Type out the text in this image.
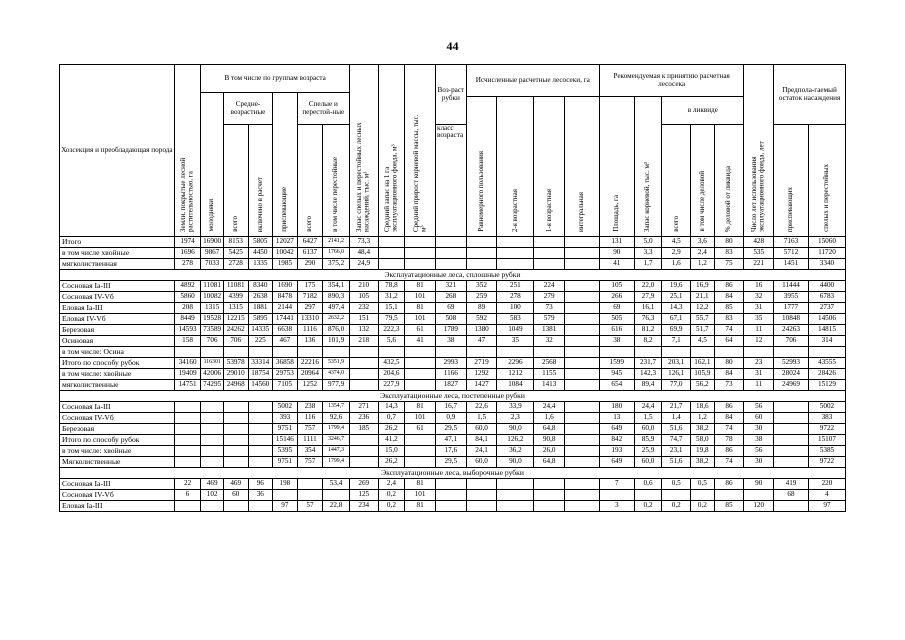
44
Хозсекция и преобладающая порода	Земли, покрытые лесной растительностью, га	В том числе по группам возраста						Запас спелых и перестойных лесных насаждений, тыс. м³	Средний запас на 1 га эксплуатационного фонда, м³	Средний прирост корневой массы, тыс. м³	Воз-раст рубки	Исчисленные расчетные лесосеки, га				Рекомендуемая к принятию расчетная лесосека					Число лет использования эксплуатационного фонда, лет	Предпола-гаемый остаток насаждения	
		молодняки	Средне-возрастные		приспевающие	Спелые и перестой-ные																	
												Равномерного пользования	2-я возрастная	1-я возрастная	интегральная	Площадь, га	Запас корневой, тыс. м³	в ликвиде					
			всего	включено в расчет		всего	в том числе перестойные				класс возраста							всего	в том числе деловой	% деловой от ликвида		приспевающих	спелых и перестойных
Итого	1974	16900	8153	5805	12027	6427	2141,2	73,3								131	5,0	4,5	3,6	80	428	7163	15060
в том числе хвойные	1696	9867	5425	4450	10042	6137	1766,0	48,4								90	3,3	2,9	2,4	83	535	5712	11720
мягколиственная	278	7033	2728	1335	1985	290	375,2	24,9								41	1,7	1,6	1,2	75	221	1451	3340
Эксплуатационные леса, сплошные рубки																							
Сосновая Ia-III	4892	11081	11081	8340	1690	175	354,1	210	78,8	81	321	352	251	224		105	22,0	19,6	16,9	86	16	11444	4400
Сосновая IV-Vб	5860	10082	4399	2638	8478	7182	890,3	105	31,2	101	268	259	278	279		266	27,9	25,1	21,1	84	32	3955	6783
Еловая Ia-III	208	1315	1315	1881	2144	297	497,4	232	15,1	81	69	89	100	73		69	16,1	14,3	12,2	85	31	1777	2737
Еловая IV-Vб	8449	19528	12215	5895	17441	13310	2632,2	151	79,5	101	508	592	583	579		505	76,3	67,1	55,7	83	35	10848	14506
Березовая	14593	73589	24262	14335	6638	1116	876,0	132	222,3	61	1789	1380	1049	1381		616	81,2	69,9	51,7	74	11	24263	14815
Осиновая	158	706	706	225	467	136	101,9	218	5,6	41	38	47	35	32		38	8,2	7,1	4,5	64	12	706	314
в том числе: Осина																							
Итого по способу рубок	34160	116301	53978	33314	36858	22216	5351,9		432,5		2993	2719	2296	2568		1599	231,7	203,1	162,1	80	23	52993	43555
в том числе: хвойные	19409	42006	29010	18754	29753	20964	4374,0		204,6		1166	1292	1212	1155		945	142,3	126,1	105,9	84	31	28024	28426
мягколиственные	14751	74295	24968	14560	7105	1252	977,9		227,9		1827	1427	1084	1413		654	89,4	77,0	56,2	73	11	24969	15129
Эксплуатационные леса, постепенные рубки																							
Сосновая Ia-III					5002	238	1354,7	271	14,3	81	16,7	22,6	33,9	24,4		180	24,4	21,7	18,6	86	56		5002
Сосновая IV-Vб					393	116	92,6	236	0,7	101	0,9	1,5	2,3	1,6		13	1,5	1,4	1,2	84	60		383
Березовая					9751	757	1799,4	185	26,2	61	29,5	60,0	90,0	64,8		649	60,0	51,6	38,2	74	30		9722
Итого по способу рубок					15146	1111	3246,7		41,2		47,1	84,1	126,2	90,8		842	85,9	74,7	58,0	78	38		15107
в том числе: хвойные					5395	354	1447,3		15,0		17,6	24,1	36,2	26,0		193	25,9	23,1	19,8	86	56		5385
Мягколиственные					9751	757	1799,4		26,2		29,5	60,0	90,0	64,8		649	60,0	51,6	38,2	74	30		9722
Эксплуатационные леса, выборочные рубки																							
Сосновая Ia-III	22	469	469	96	198		53,4	269	2,4	81						7	0,6	0,5	0,5	86	90	419	220
Сосновая IV-Vб	6	102	60	36				125	0,2	101												68	4
Еловая Ia-III					97	57	22,8	234	0,2	81						3	0,2	0,2	0,2	85	120		97
